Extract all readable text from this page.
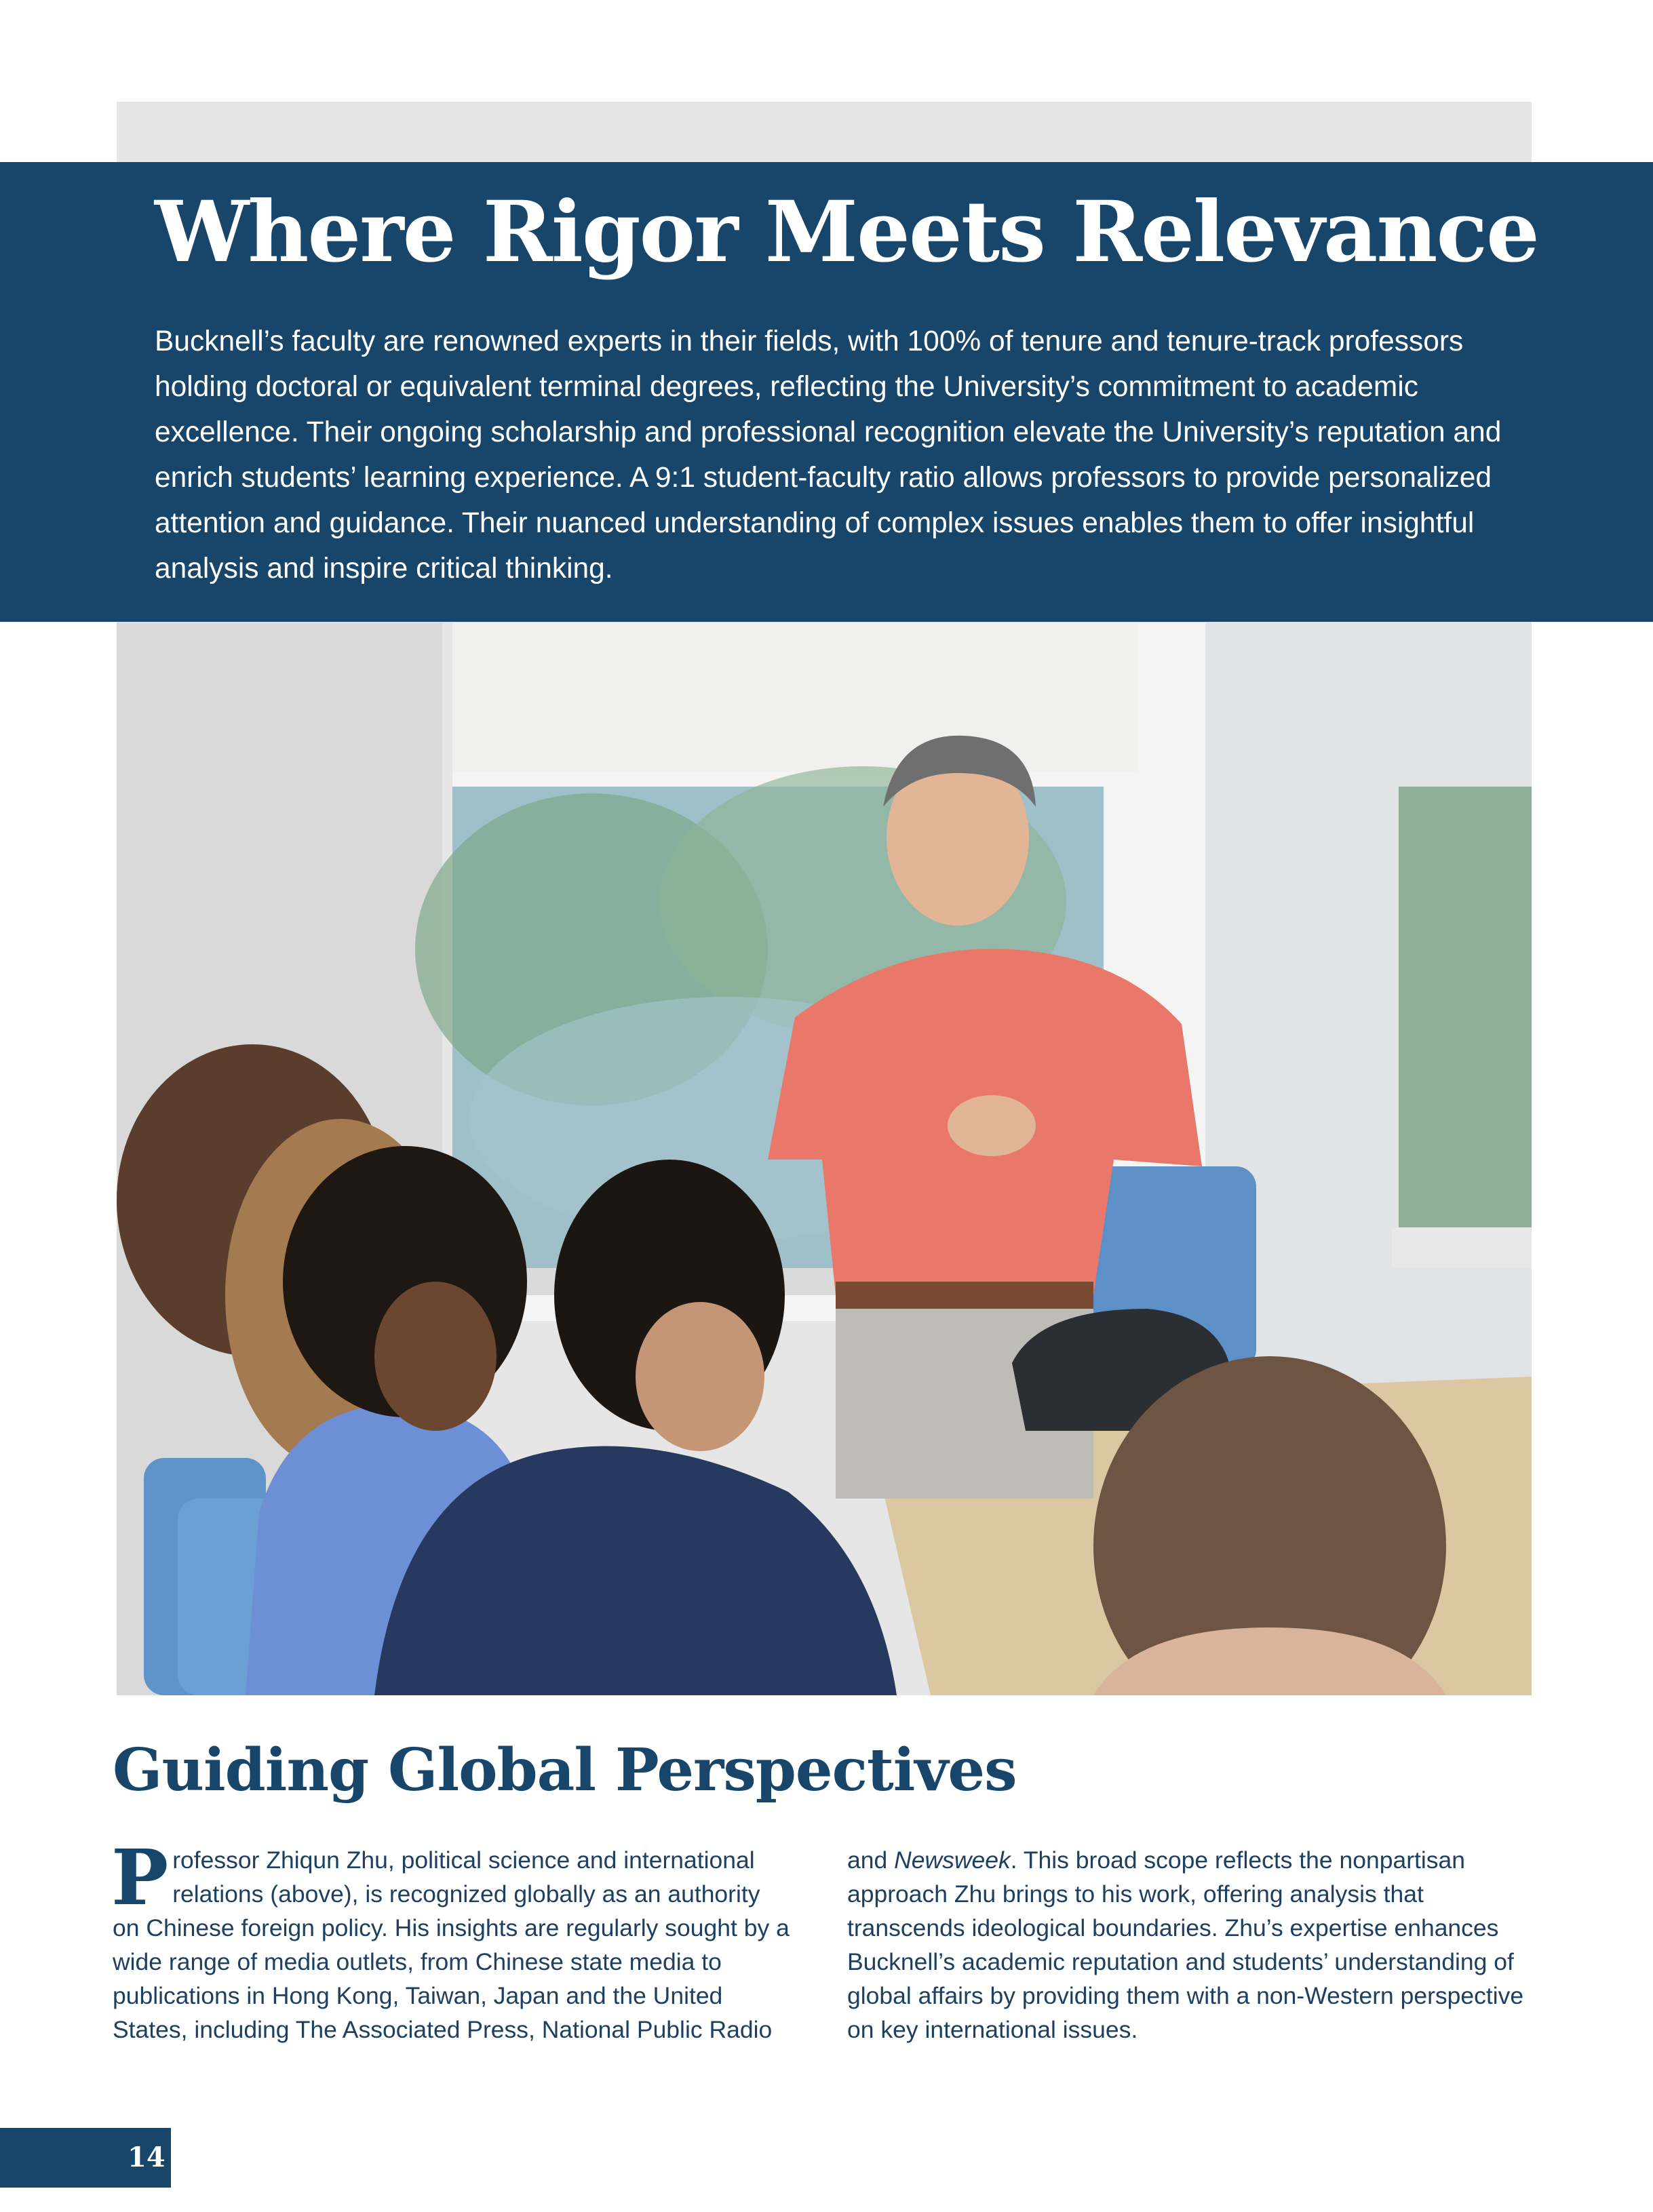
Where Rigor Meets Relevance

Bucknell’s faculty are renowned experts in their fields, with 100% of tenure and tenure-track professors holding doctoral or equivalent terminal degrees, reflecting the University’s commitment to academic excellence. Their ongoing scholarship and professional recognition elevate the University’s reputation and enrich students’ learning experience. A 9:1 student-faculty ratio allows professors to provide personalized attention and guidance. Their nuanced understanding of complex issues enables them to offer insightful analysis and inspire critical thinking.

Guiding Global Perspectives

Professor Zhiqun Zhu, political science and international relations (above), is recognized globally as an authority on Chinese foreign policy. His insights are regularly sought by a wide range of media outlets, from Chinese state media to publications in Hong Kong, Taiwan, Japan and the United States, including The Associated Press, National Public Radio

and Newsweek. This broad scope reflects the nonpartisan approach Zhu brings to his work, offering analysis that transcends ideological boundaries. Zhu’s expertise enhances Bucknell’s academic reputation and students’ understanding of global affairs by providing them with a non-Western perspective on key international issues.

14
